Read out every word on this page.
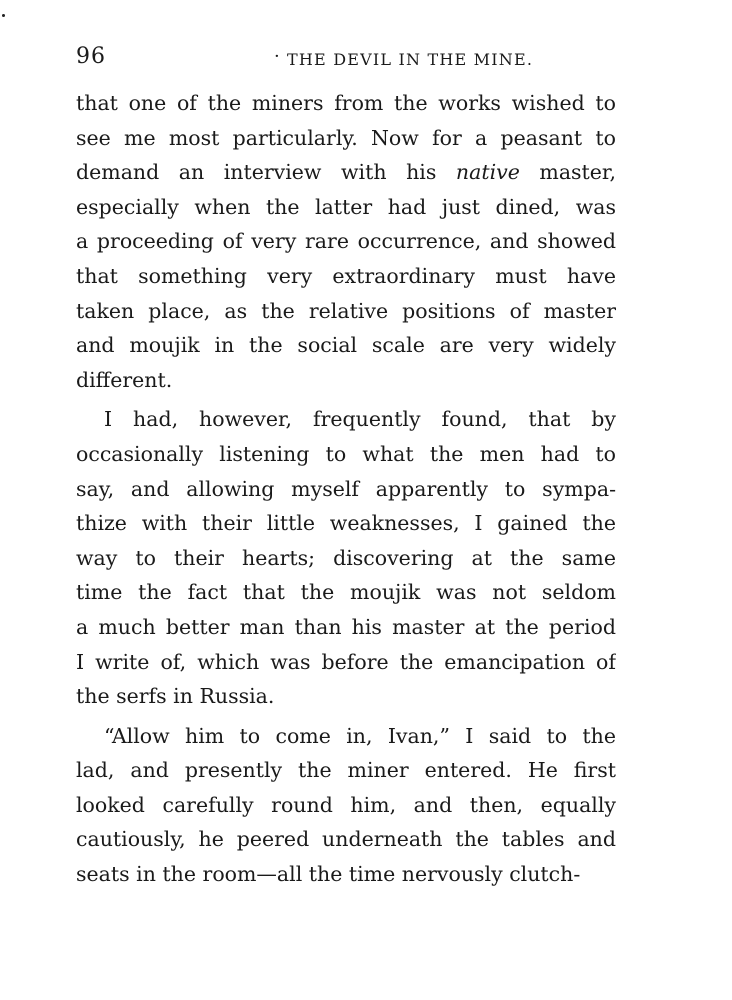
96	· THE DEVIL IN THE MINE.
that one of the miners from the works wished to
see me most particularly. Now for a peasant to
demand an interview with his native master,
especially when the latter had just dined, was
a proceeding of very rare occurrence, and showed
that something very extraordinary must have
taken place, as the relative positions of master
and moujik in the social scale are very widely
different.
I had, however, frequently found, that by
occasionally listening to what the men had to
say, and allowing myself apparently to sympa-
thize with their little weaknesses, I gained the
way to their hearts; discovering at the same
time the fact that the moujik was not seldom
a much better man than his master at the period
I write of, which was before the emancipation of
the serfs in Russia.
“Allow him to come in, Ivan,” I said to the
lad, and presently the miner entered. He first
looked carefully round him, and then, equally
cautiously, he peered underneath the tables and
seats in the room—all the time nervously clutch-
